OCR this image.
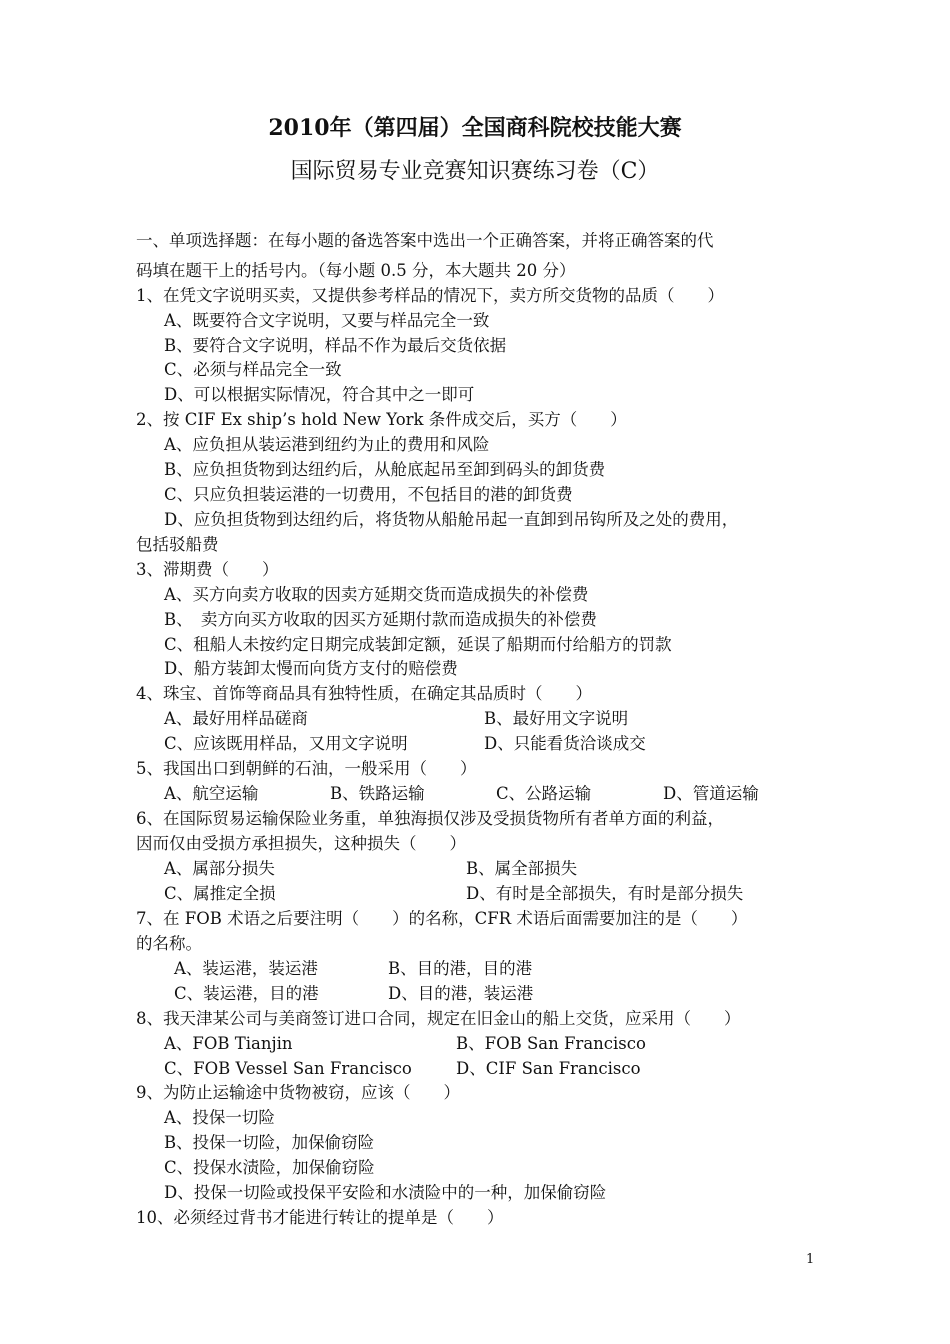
2010年（第四届）全国商科院校技能大赛
国际贸易专业竞赛知识赛练习卷（C）
一、单项选择题：在每小题的备选答案中选出一个正确答案，并将正确答案的代
码填在题干上的括号内。（每小题 0.5 分，本大题共 20 分）
1、在凭文字说明买卖，又提供参考样品的情况下，卖方所交货物的品质（　　）
A、既要符合文字说明，又要与样品完全一致
B、要符合文字说明，样品不作为最后交货依据
C、必须与样品完全一致
D、可以根据实际情况，符合其中之一即可
2、按 CIF Ex ship’s hold New York 条件成交后，买方（　　）
A、应负担从装运港到纽约为止的费用和风险
B、应负担货物到达纽约后，从舱底起吊至卸到码头的卸货费
C、只应负担装运港的一切费用，不包括目的港的卸货费
D、应负担货物到达纽约后，将货物从船舱吊起一直卸到吊钩所及之处的费用，
包括驳船费
3、滞期费（　　）
A、买方向卖方收取的因卖方延期交货而造成损失的补偿费
B、　卖方向买方收取的因买方延期付款而造成损失的补偿费
C、租船人未按约定日期完成装卸定额，延误了船期而付给船方的罚款
D、船方装卸太慢而向货方支付的赔偿费
4、珠宝、首饰等商品具有独特性质，在确定其品质时（　　）
A、最好用样品磋商	B、最好用文字说明
C、应该既用样品，又用文字说明	D、只能看货洽谈成交
5、我国出口到朝鲜的石油，一般采用（　　）
A、航空运输	B、铁路运输	C、公路运输	D、管道运输
6、在国际贸易运输保险业务重，单独海损仅涉及受损货物所有者单方面的利益，
因而仅由受损方承担损失，这种损失（　　）
A、属部分损失	B、属全部损失
C、属推定全损	D、有时是全部损失，有时是部分损失
7、在 FOB 术语之后要注明（　　）的名称，CFR 术语后面需要加注的是（　　）
的名称。
A、装运港，装运港	B、目的港，目的港
C、装运港，目的港	D、目的港，装运港
8、我天津某公司与美商签订进口合同，规定在旧金山的船上交货，应采用（　　）
A、FOB Tianjin	B、FOB San Francisco
C、FOB Vessel San Francisco	D、CIF San Francisco
9、为防止运输途中货物被窃，应该（　　）
A、投保一切险
B、投保一切险，加保偷窃险
C、投保水渍险，加保偷窃险
D、投保一切险或投保平安险和水渍险中的一种，加保偷窃险
10、必须经过背书才能进行转让的提单是（　　）
1
